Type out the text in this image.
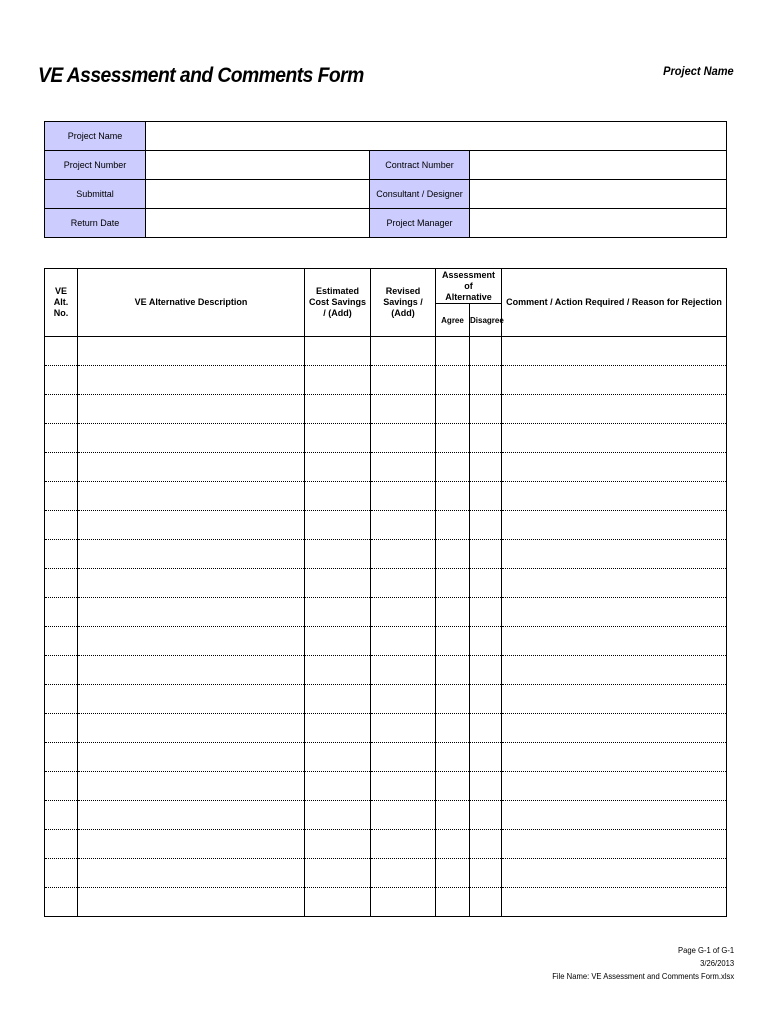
VE Assessment and Comments Form	Project Name
Project Name			
Project Number		Contract Number	
Submittal		Consultant / Designer	
Return Date		Project Manager	
VE Alt. No.	VE Alternative Description	Estimated Cost Savings / (Add)	Revised Savings / (Add)	Assessment of Alternative		Comment / Action Required / Reason for Rejection
				Agree	Disagree	

Page G-1 of G-1
3/26/2013
File Name: VE Assessment and Comments Form.xlsx
